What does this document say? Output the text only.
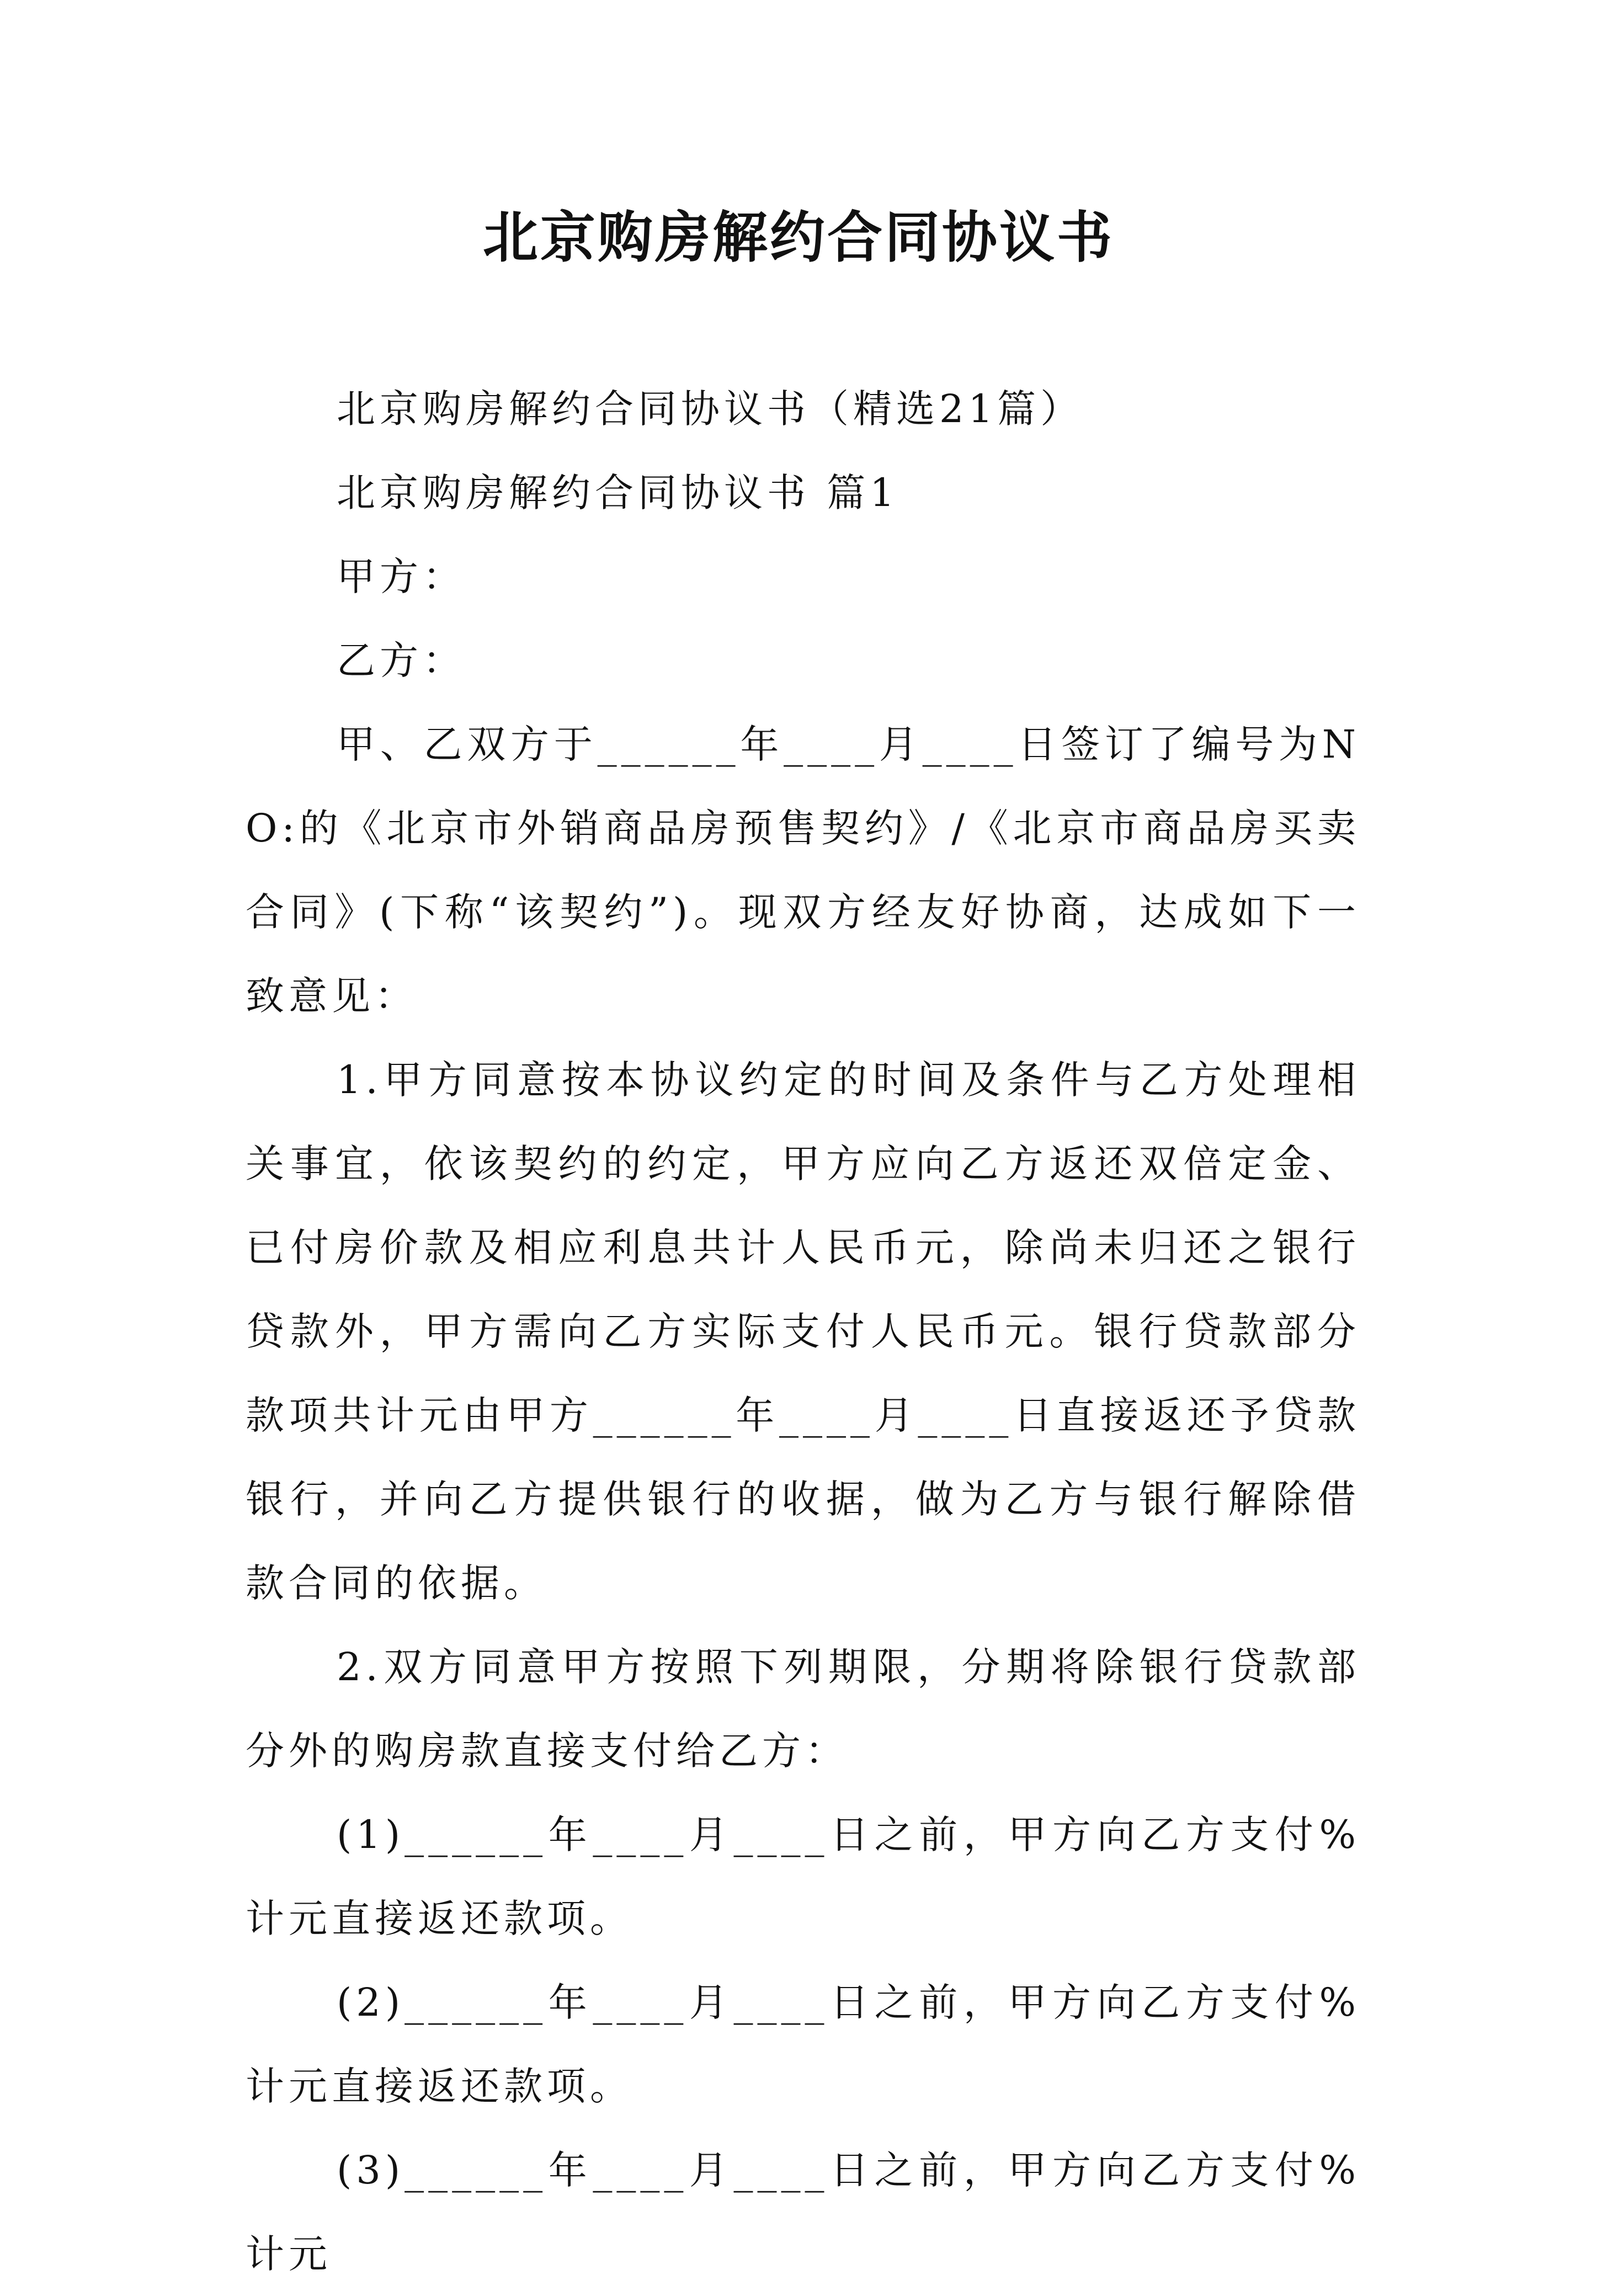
北京购房解约合同协议书

北京购房解约合同协议书（精选21篇）

北京购房解约合同协议书 篇1

甲方：

乙方：

甲、乙双方于______年____月____日签订了编号为NO:的《北京市外销商品房预售契约》/《北京市商品房买卖合同》(下称“该契约”)。现双方经友好协商，达成如下一致意见：

1.甲方同意按本协议约定的时间及条件与乙方处理相关事宜，依该契约的约定，甲方应向乙方返还双倍定金、已付房价款及相应利息共计人民币元，除尚未归还之银行贷款外，甲方需向乙方实际支付人民币元。银行贷款部分款项共计元由甲方______年____月____日直接返还予贷款银行，并向乙方提供银行的收据，做为乙方与银行解除借款合同的依据。

2.双方同意甲方按照下列期限，分期将除银行贷款部分外的购房款直接支付给乙方：

(1)______年____月____日之前，甲方向乙方支付%计元直接返还款项。

(2)______年____月____日之前，甲方向乙方支付%计元直接返还款项。

(3)______年____月____日之前，甲方向乙方支付%计元
